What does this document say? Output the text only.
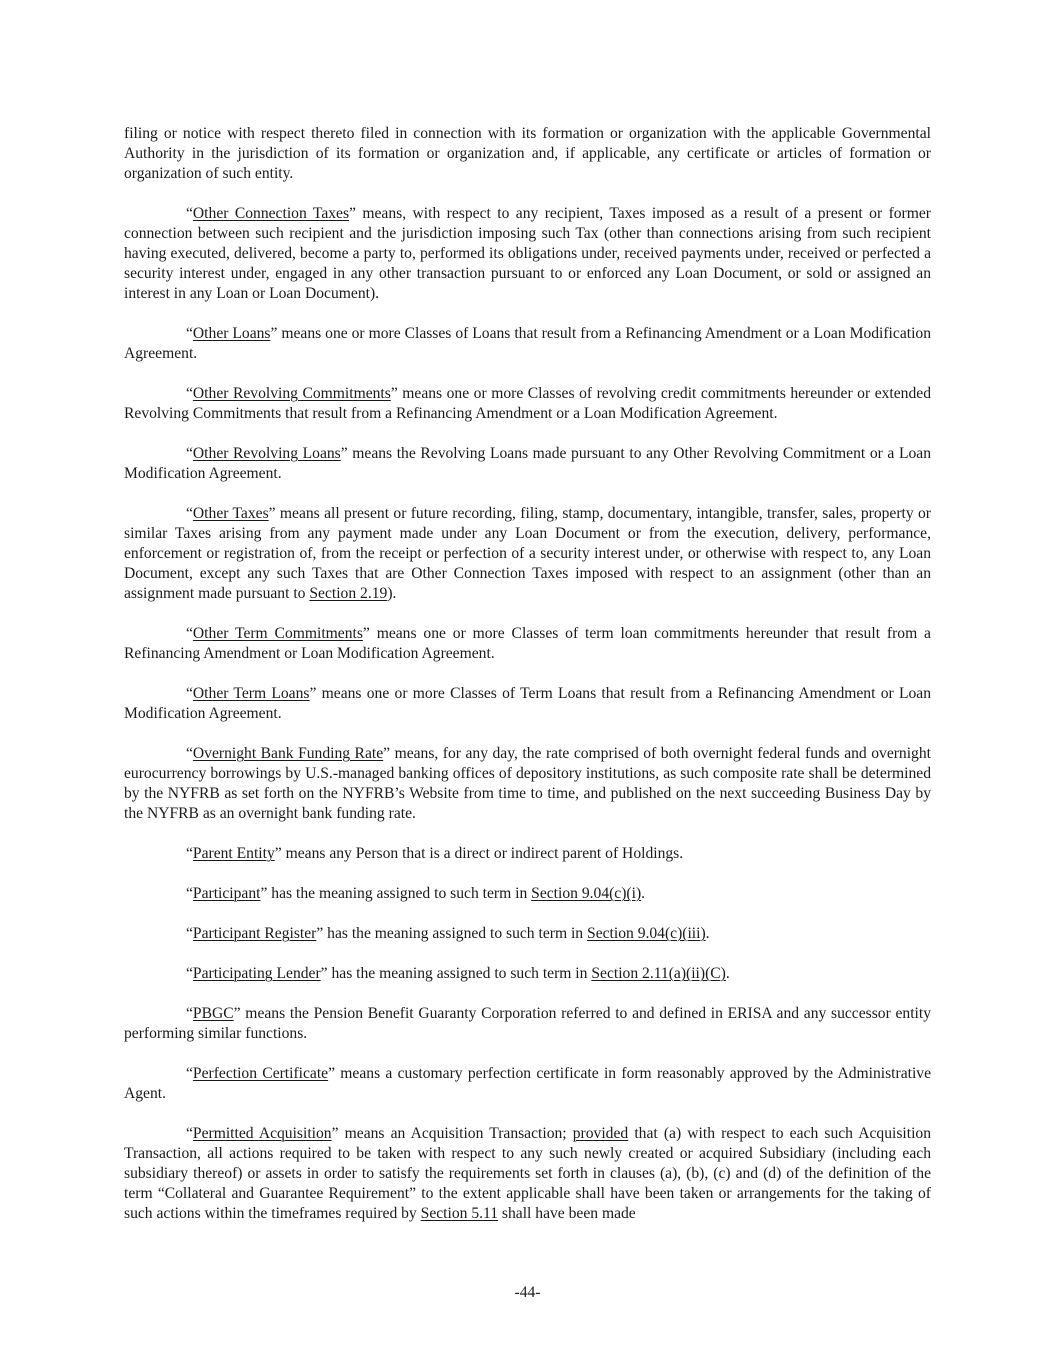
filing or notice with respect thereto filed in connection with its formation or organization with the applicable Governmental Authority in the jurisdiction of its formation or organization and, if applicable, any certificate or articles of formation or organization of such entity.

“Other Connection Taxes” means, with respect to any recipient, Taxes imposed as a result of a present or former connection between such recipient and the jurisdiction imposing such Tax (other than connections arising from such recipient having executed, delivered, become a party to, performed its obligations under, received payments under, received or perfected a security interest under, engaged in any other transaction pursuant to or enforced any Loan Document, or sold or assigned an interest in any Loan or Loan Document).

“Other Loans” means one or more Classes of Loans that result from a Refinancing Amendment or a Loan Modification Agreement.

“Other Revolving Commitments” means one or more Classes of revolving credit commitments hereunder or extended Revolving Commitments that result from a Refinancing Amendment or a Loan Modification Agreement.

“Other Revolving Loans” means the Revolving Loans made pursuant to any Other Revolving Commitment or a Loan Modification Agreement.

“Other Taxes” means all present or future recording, filing, stamp, documentary, intangible, transfer, sales, property or similar Taxes arising from any payment made under any Loan Document or from the execution, delivery, performance, enforcement or registration of, from the receipt or perfection of a security interest under, or otherwise with respect to, any Loan Document, except any such Taxes that are Other Connection Taxes imposed with respect to an assignment (other than an assignment made pursuant to Section 2.19).

“Other Term Commitments” means one or more Classes of term loan commitments hereunder that result from a Refinancing Amendment or Loan Modification Agreement.

“Other Term Loans” means one or more Classes of Term Loans that result from a Refinancing Amendment or Loan Modification Agreement.

“Overnight Bank Funding Rate” means, for any day, the rate comprised of both overnight federal funds and overnight eurocurrency borrowings by U.S.-managed banking offices of depository institutions, as such composite rate shall be determined by the NYFRB as set forth on the NYFRB’s Website from time to time, and published on the next succeeding Business Day by the NYFRB as an overnight bank funding rate.

“Parent Entity” means any Person that is a direct or indirect parent of Holdings.

“Participant” has the meaning assigned to such term in Section 9.04(c)(i).

“Participant Register” has the meaning assigned to such term in Section 9.04(c)(iii).

“Participating Lender” has the meaning assigned to such term in Section 2.11(a)(ii)(C).

“PBGC” means the Pension Benefit Guaranty Corporation referred to and defined in ERISA and any successor entity performing similar functions.

“Perfection Certificate” means a customary perfection certificate in form reasonably approved by the Administrative Agent.

“Permitted Acquisition” means an Acquisition Transaction; provided that (a) with respect to each such Acquisition Transaction, all actions required to be taken with respect to any such newly created or acquired Subsidiary (including each subsidiary thereof) or assets in order to satisfy the requirements set forth in clauses (a), (b), (c) and (d) of the definition of the term “Collateral and Guarantee Requirement” to the extent applicable shall have been taken or arrangements for the taking of such actions within the timeframes required by Section 5.11 shall have been made

-44-
